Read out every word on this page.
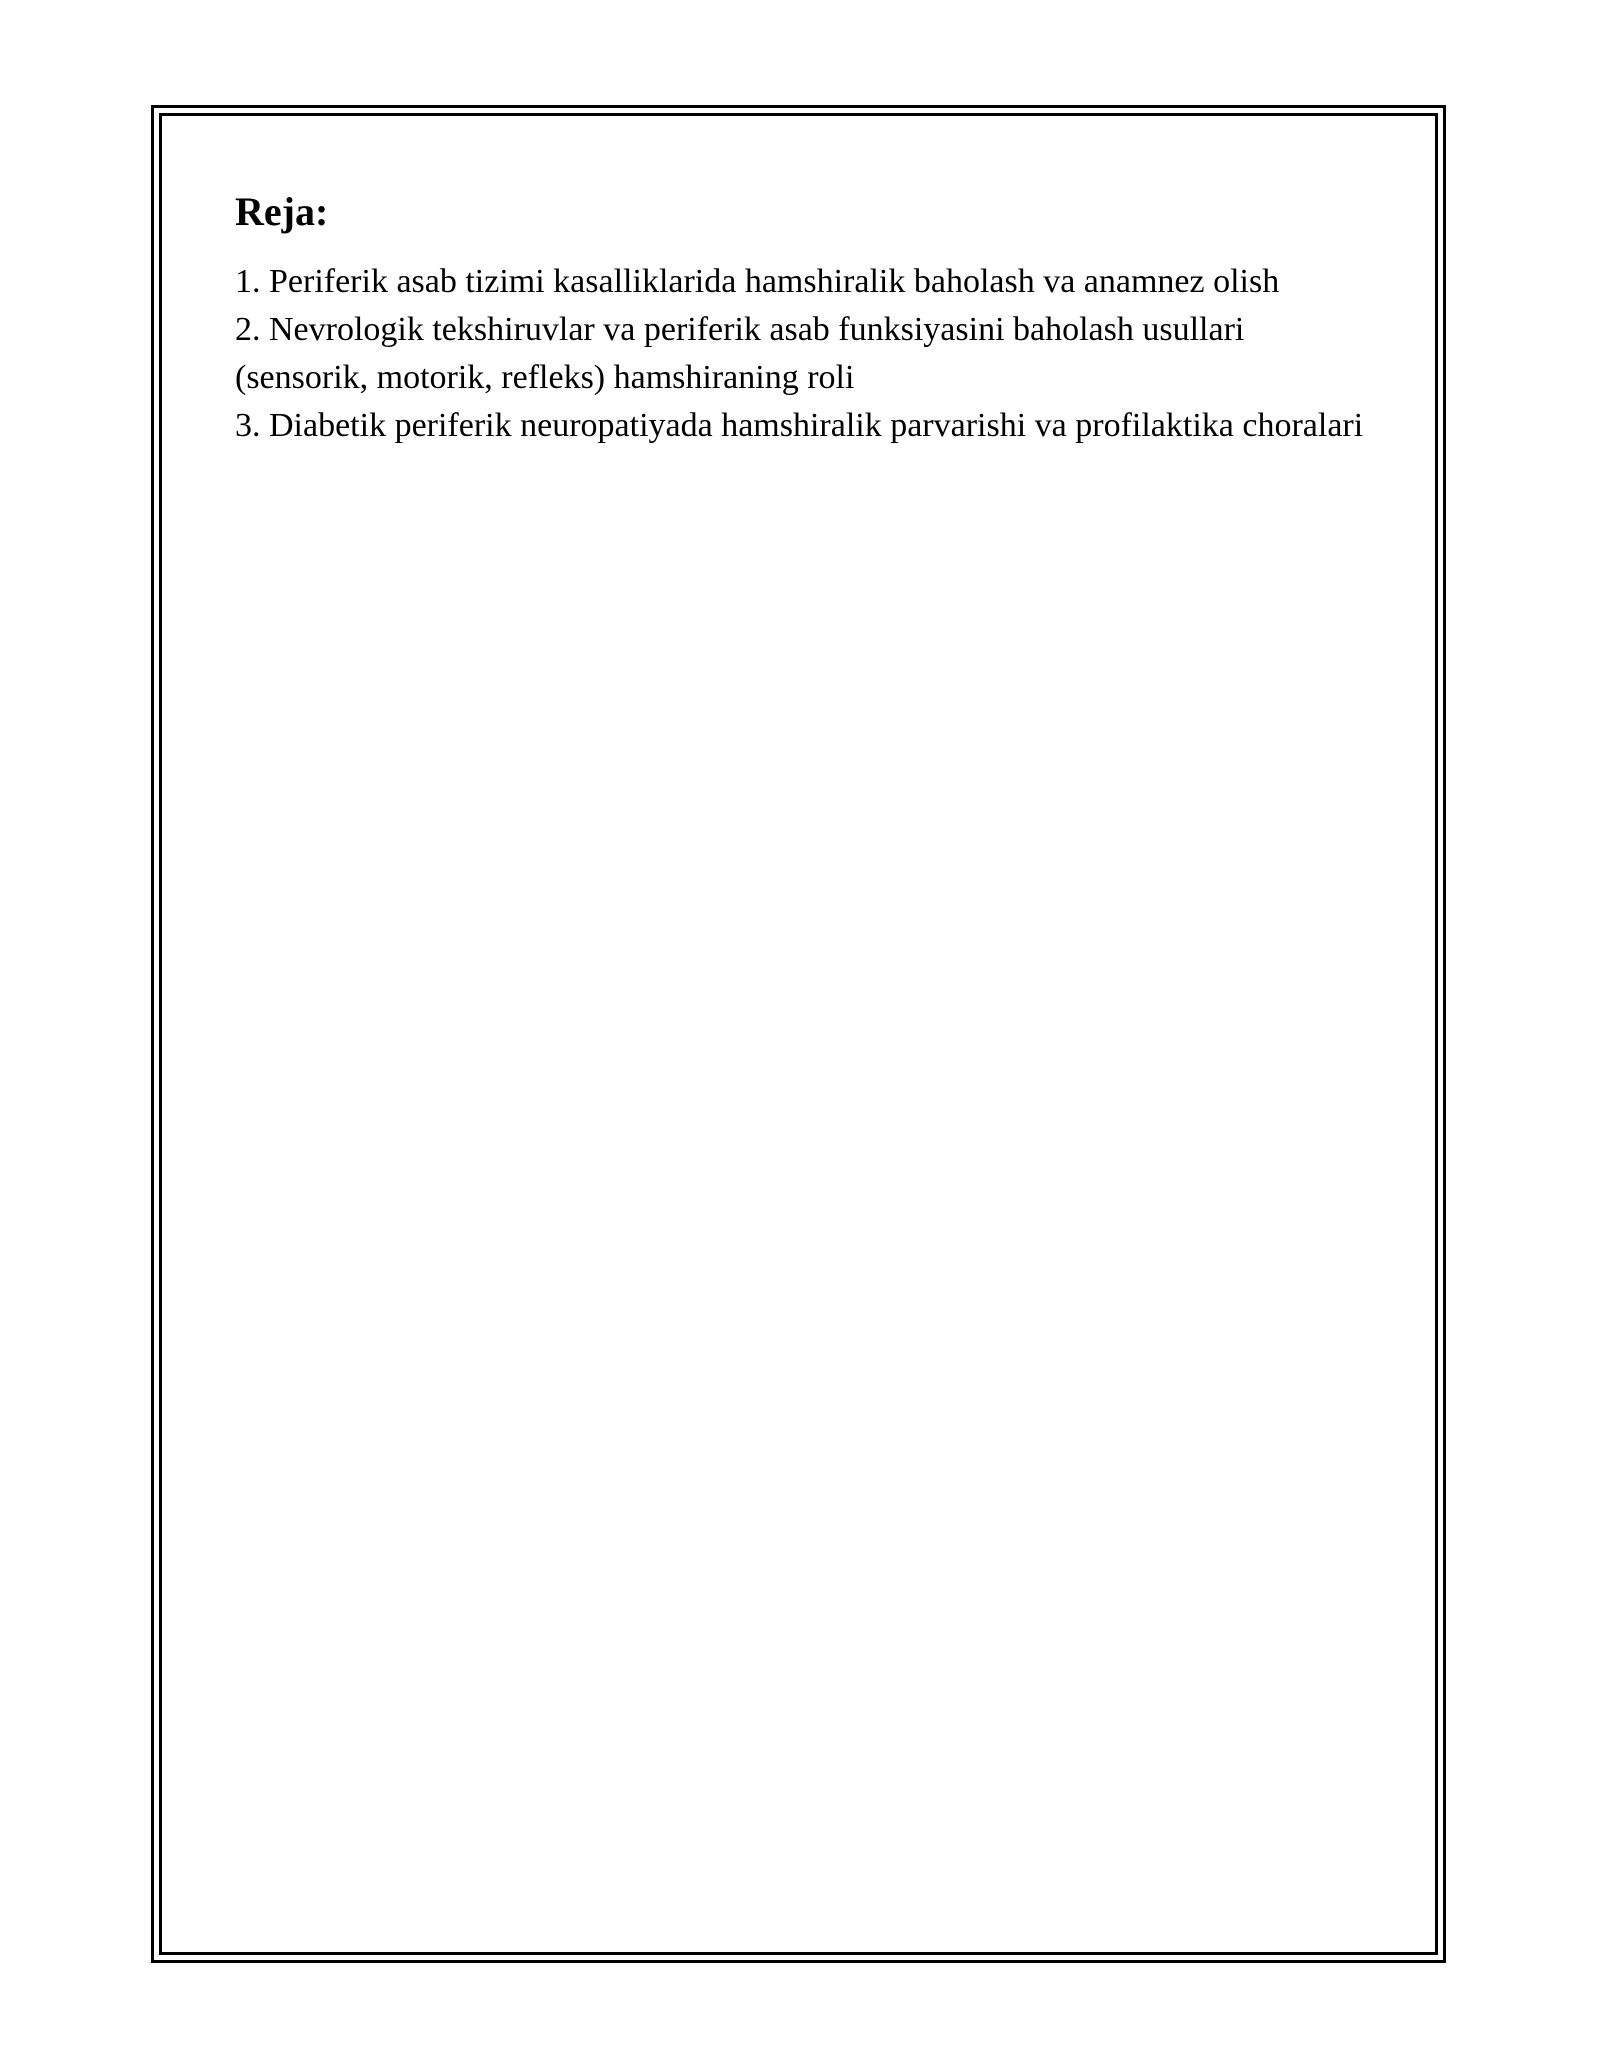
Reja:
1. Periferik asab tizimi kasalliklarida hamshiralik baholash va anamnez olish
2. Nevrologik tekshiruvlar va periferik asab funksiyasini baholash usullari (sensorik, motorik, refleks) hamshiraning roli
3. Diabetik periferik neuropatiyada hamshiralik parvarishi va profilaktika choralari
